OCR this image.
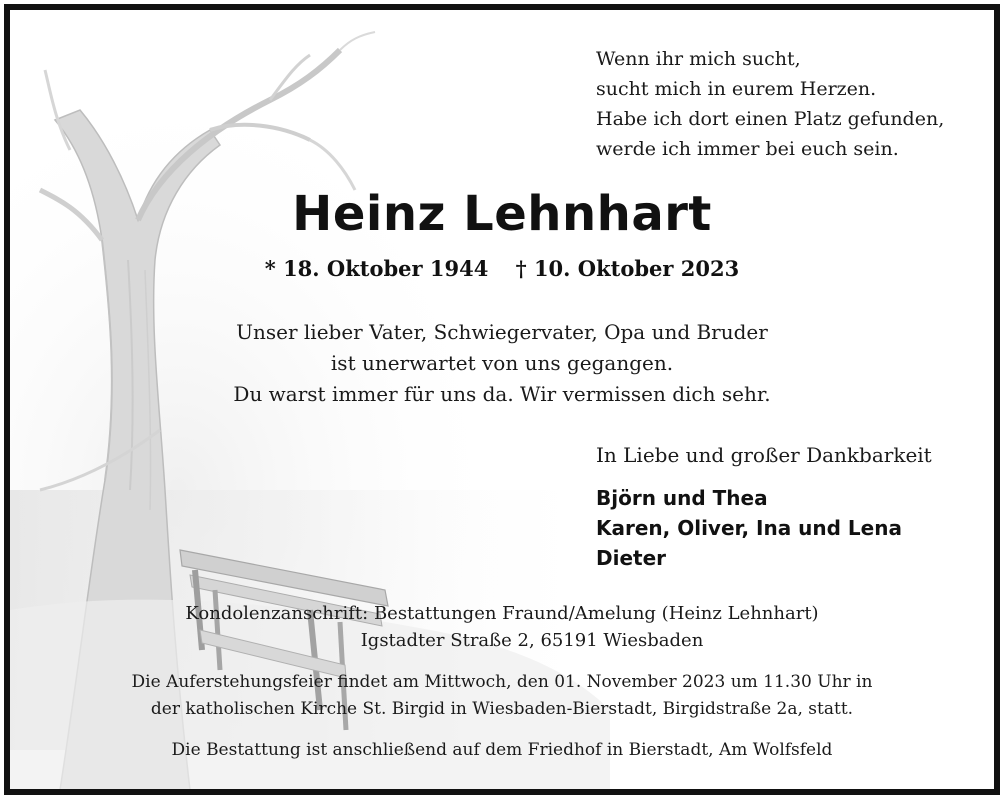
Wenn ihr mich sucht,
sucht mich in eurem Herzen.
Habe ich dort einen Platz gefunden,
werde ich immer bei euch sein.
Heinz Lehnhart
* 18. Oktober 1944 † 10. Oktober 2023
Unser lieber Vater, Schwiegervater, Opa und Bruder
ist unerwartet von uns gegangen.
Du warst immer für uns da. Wir vermissen dich sehr.
In Liebe und großer Dankbarkeit
Björn und Thea
Karen, Oliver, Ina und Lena
Dieter
Kondolenzanschrift: Bestattungen Fraund/Amelung (Heinz Lehnhart)
Igstadter Straße 2, 65191 Wiesbaden
Die Auferstehungsfeier findet am Mittwoch, den 01. November 2023 um 11.30 Uhr in
der katholischen Kirche St. Birgid in Wiesbaden-Bierstadt, Birgidstraße 2a, statt.
Die Bestattung ist anschließend auf dem Friedhof in Bierstadt, Am Wolfsfeld
